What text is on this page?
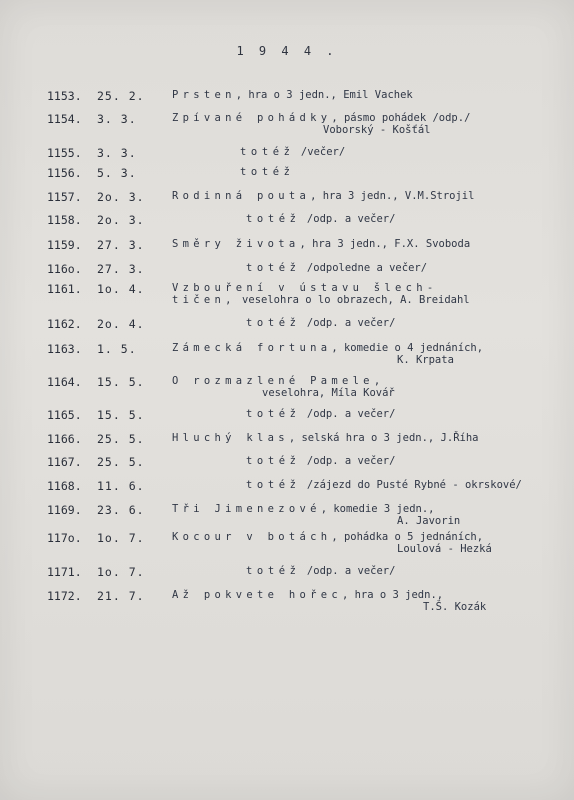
1 9 4 4 .
1153. 25. 2.	Prsten, hra o 3 jedn., Emil Vachek
1154. 3. 3.	Zpívané pohádky, pásmo pohádek /odp./
Voborský - Košťál
1155. 3. 3.	totéž /večer/
1156. 5. 3.	totéž
1157. 2o. 3.	Rodinná pouta, hra 3 jedn., V.M.Strojil
1158. 2o. 3.	totéž /odp. a večer/
1159. 27. 3.	Směry života, hra 3 jedn., F.X. Svoboda
116o. 27. 3.	totéž /odpoledne a večer/
1161. 1o. 4.	Vzbouření v ústavu šlech-
tičen, veselohra o lo obrazech, A. Breidahl
1162. 2o. 4.	totéž /odp. a večer/
1163. 1. 5.	Zámecká fortuna, komedie o 4 jednáních,
K. Krpata
1164. 15. 5.	O rozmazlené Pamele,
veselohra, Míla Kovář
1165. 15. 5.	totéž /odp. a večer/
1166. 25. 5.	Hluchý klas, selská hra o 3 jedn., J.Říha
1167. 25. 5.	totéž /odp. a večer/
1168. 11. 6.	totéž /zájezd do Pusté Rybné - okrskové/
1169. 23. 6.	Tři Jimenezové, komedie 3 jedn.,
A. Javorin
117o. 1o. 7.	Kocour v botách, pohádka o 5 jednáních,
Loulová - Hezká
1171. 1o. 7.	totéž /odp. a večer/
1172. 21. 7.	Až pokvete hořec, hra o 3 jedn.,
T.Š. Kozák
